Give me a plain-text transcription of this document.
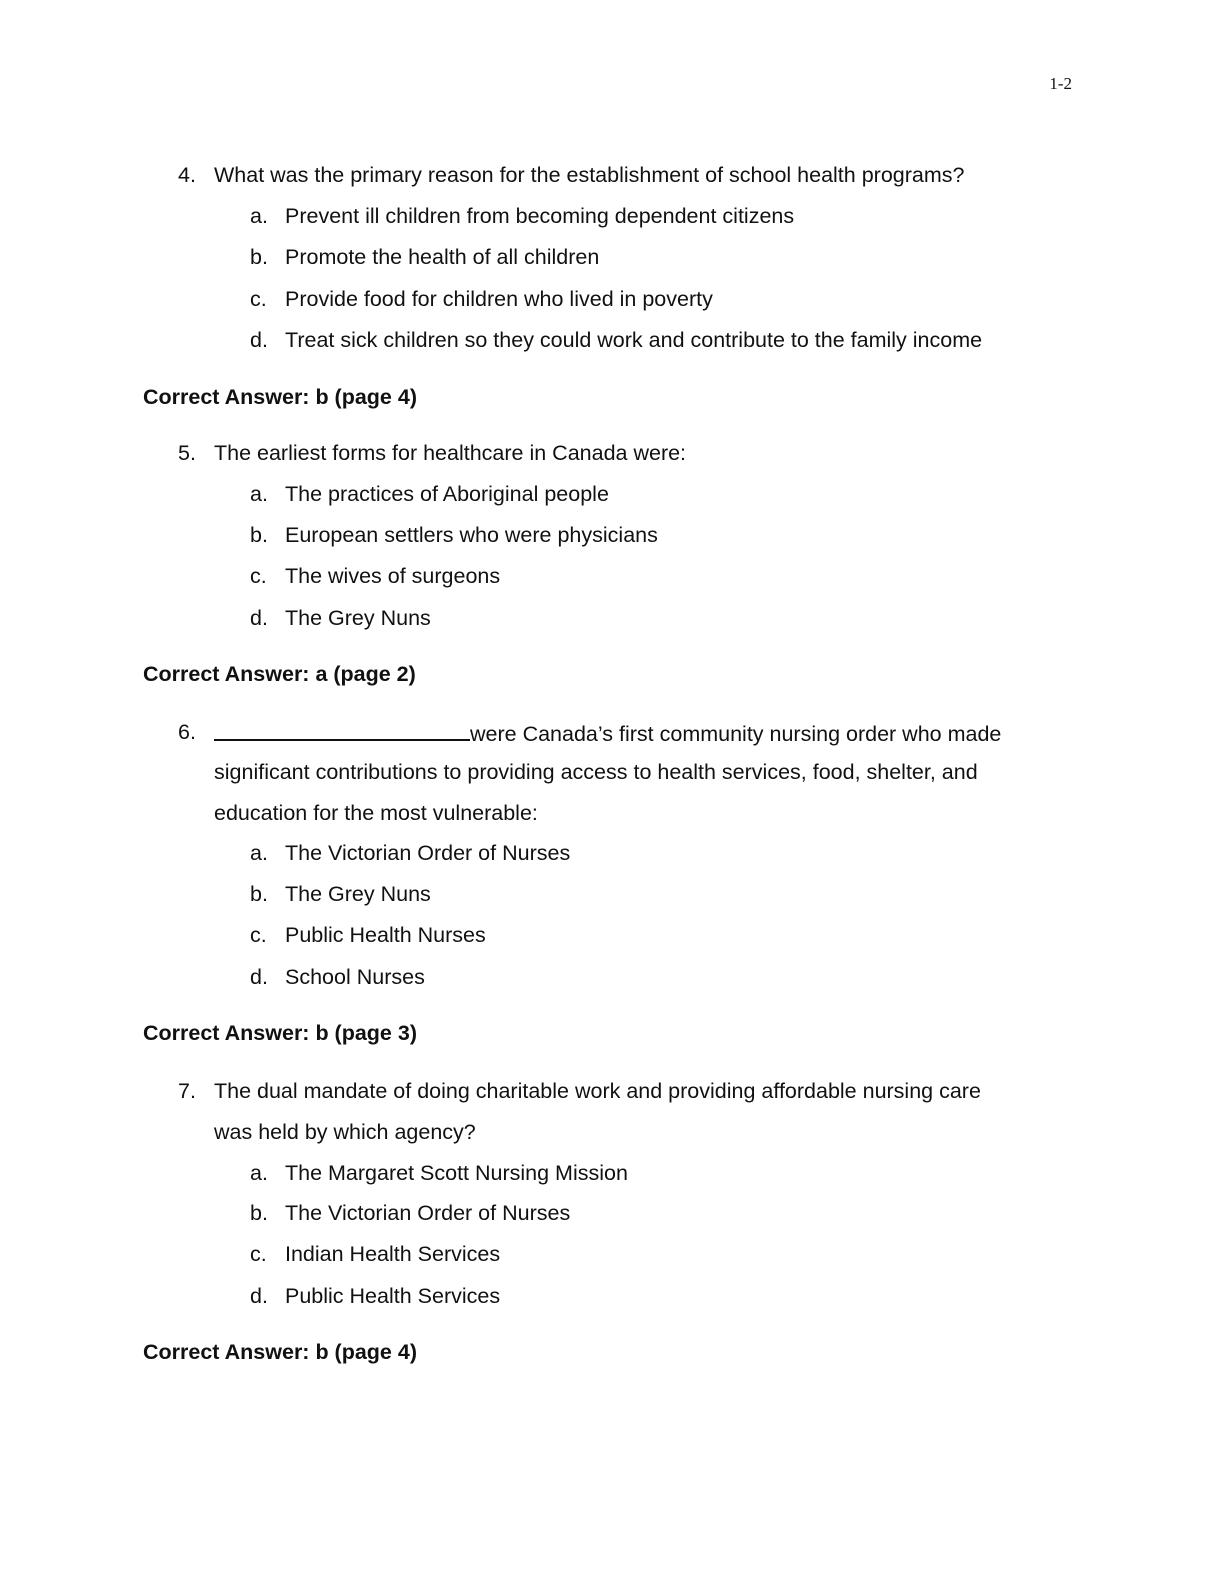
1-2
4. What was the primary reason for the establishment of school health programs?
a. Prevent ill children from becoming dependent citizens
b. Promote the health of all children
c. Provide food for children who lived in poverty
d. Treat sick children so they could work and contribute to the family income
Correct Answer: b (page 4)
5. The earliest forms for healthcare in Canada were:
a. The practices of Aboriginal people
b. European settlers who were physicians
c. The wives of surgeons
d. The Grey Nuns
Correct Answer: a (page 2)
6.	were Canada’s first community nursing order who made
significant contributions to providing access to health services, food, shelter, and
education for the most vulnerable:
a. The Victorian Order of Nurses
b. The Grey Nuns
c. Public Health Nurses
d. School Nurses
Correct Answer: b (page 3)
7. The dual mandate of doing charitable work and providing affordable nursing care
was held by which agency?
a. The Margaret Scott Nursing Mission
b. The Victorian Order of Nurses
c. Indian Health Services
d. Public Health Services
Correct Answer: b (page 4)
